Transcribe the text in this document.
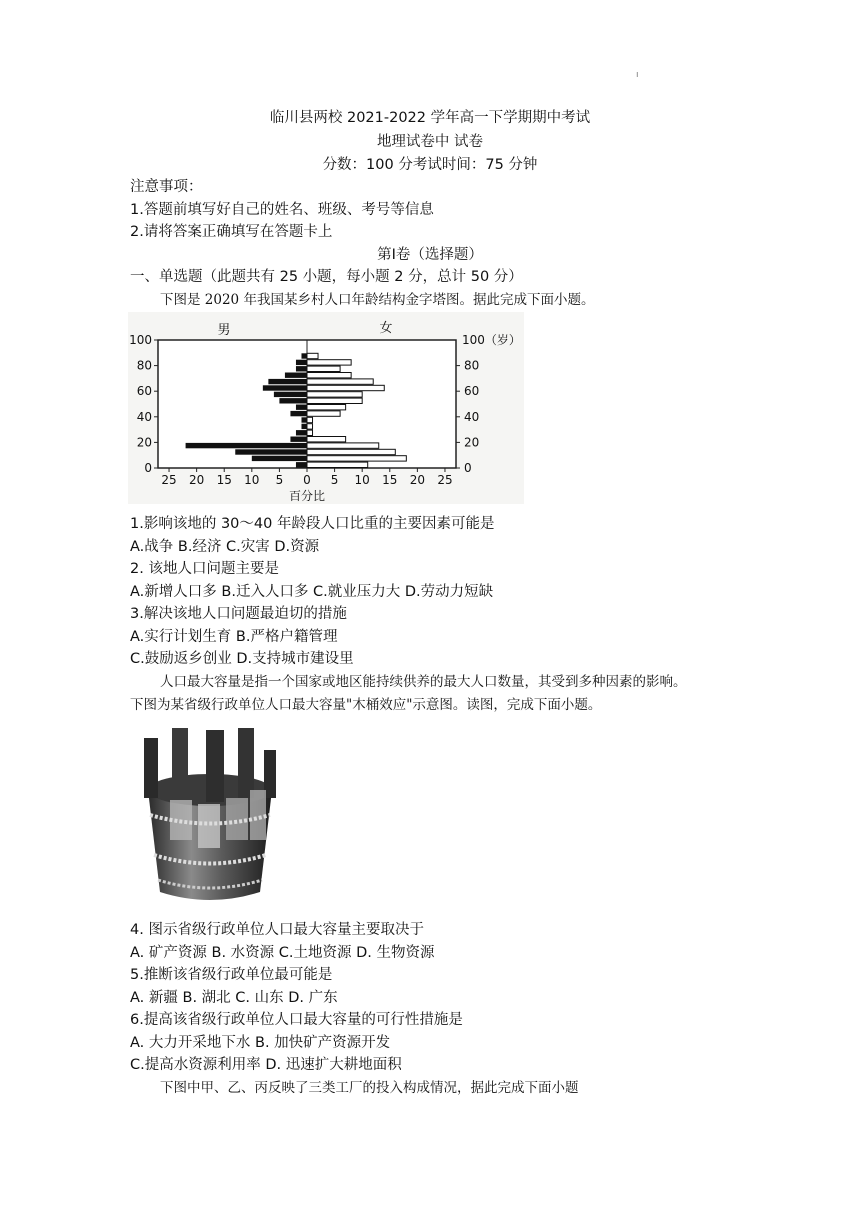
ı
临川县两校 2021-2022 学年高一下学期期中考试
地理试卷中 试卷
分数：100 分考试时间：75 分钟
注意事项：
1.答题前填写好自己的姓名、班级、考号等信息
2.请将答案正确填写在答题卡上
第Ⅰ卷（选择题）
一、单选题（此题共有 25 小题，每小题 2 分，总计 50 分）
下图是 2020 年我国某乡村人口年龄结构金字塔图。据此完成下面小题。
100
80
60
40
20
0
80
60
40
20
0
100（岁）
25 20 15 10 5 0 5 10 15 20 25
男	女
百分比
1.影响该地的 30～40 年龄段人口比重的主要因素可能是
A.战争 B.经济 C.灾害 D.资源
2. 该地人口问题主要是
A.新增人口多 B.迁入人口多 C.就业压力大 D.劳动力短缺
3.解决该地人口问题最迫切的措施
A.实行计划生育 B.严格户籍管理
C.鼓励返乡创业 D.支持城市建设里
人口最大容量是指一个国家或地区能持续供养的最大人口数量，其受到多种因素的影响。
下图为某省级行政单位人口最大容量"木桶效应"示意图。读图，完成下面小题。
4. 图示省级行政单位人口最大容量主要取决于
A. 矿产资源 B. 水资源 C.土地资源 D. 生物资源
5.推断该省级行政单位最可能是
A. 新疆 B. 湖北 C. 山东 D. 广东
6.提高该省级行政单位人口最大容量的可行性措施是
A. 大力开采地下水 B. 加快矿产资源开发
C.提高水资源利用率 D. 迅速扩大耕地面积
下图中甲、乙、丙反映了三类工厂的投入构成情况，据此完成下面小题
